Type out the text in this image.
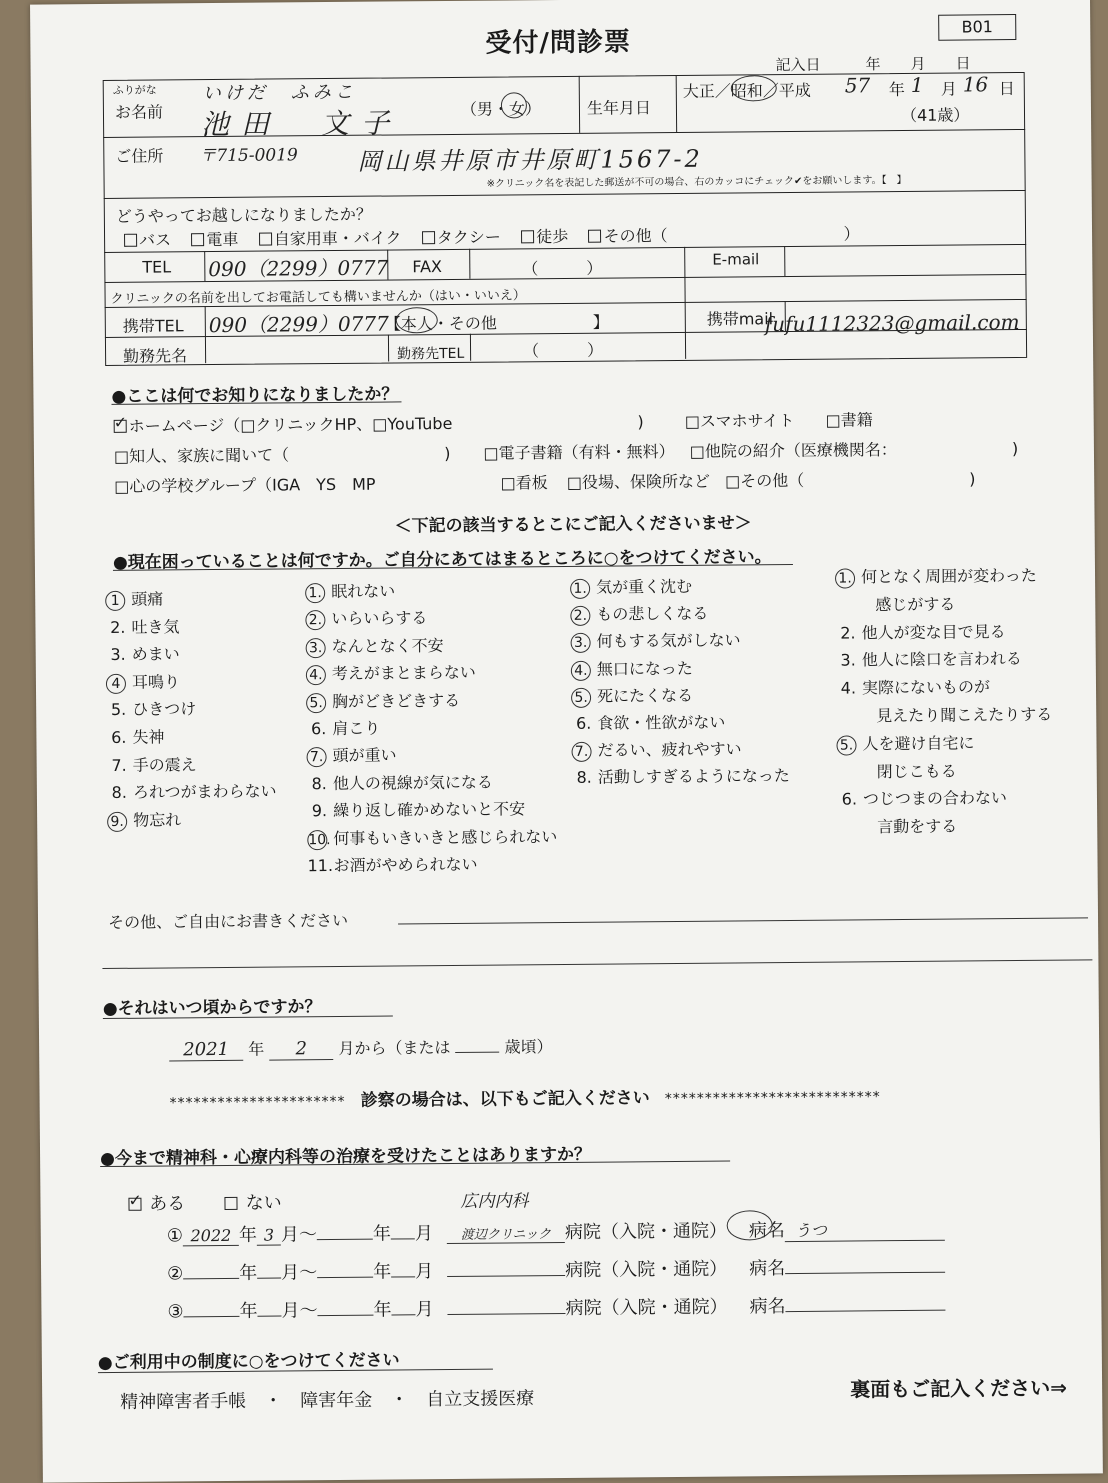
受付/問診票
B01
記入日　　　年　　月　　日
ふりがな	いけだ　ふみこ
お名前 池田　文子	（男・女）	生年月日
大正／昭和／平成 57 年 1 月 16 日
（41歳）
ご住所 〒715-0019 岡山県井原市井原町1567-2
※クリニック名を表記した郵送が不可の場合、右のカッコにチェック✔をお願いします。【　】
どうやってお越しになりましたか？
バス 電車 自家用車・バイク タクシー 徒歩 その他（　　　　　　　　　　　）
TEL 090（2299）0777 FAX	（　　　）	E-mail
クリニックの名前を出してお電話しても構いませんか（はい・いいえ）
携帯TEL 090（2299）0777
【本人・その他　　　　　　】	携帯mail
fufu1112323@gmail.com
勤務先名	勤務先TEL	（　　　）
●ここは何でお知りになりましたか？
✓ホームページ（□クリニックHP、□YouTube	)	□スマホサイト □書籍
□知人、家族に聞いて（	) □電子書籍（有料・無料） □他院の紹介（医療機関名：	)
□心の学校グループ（IGA　YS　MP	□看板 □役場、保険所など □その他（	)
＜下記の該当するとこにご記入くださいませ＞
●現在困っていることは何ですか。ご自分にあてはまるところに○をつけてください。
1 頭痛
2. 吐き気
3. めまい
4 耳鳴り
5. ひきつけ
6. 失神
7. 手の震え
8. ろれつがまわらない
9. 物忘れ
1. 眠れない
2. いらいらする
3. なんとなく不安
4. 考えがまとまらない
5. 胸がどきどきする
6. 肩こり
7. 頭が重い
8. 他人の視線が気になる
9. 繰り返し確かめないと不安
10. 何事もいきいきと感じられない
11.お酒がやめられない
1. 気が重く沈む
2. もの悲しくなる
3. 何もする気がしない
4. 無口になった
5. 死にたくなる
6. 食欲・性欲がない
7. だるい、疲れやすい
8. 活動しすぎるようになった
1. 何となく周囲が変わった
感じがする
2. 他人が変な目で見る
3. 他人に陰口を言われる
4. 実際にないものが
見えたり聞こえたりする
5. 人を避け自宅に
閉じこもる
6. つじつまの合わない
言動をする
その他、ご自由にお書きください
●それはいつ頃からですか？
2021 年 2 月から（または	歳頃）
********************** 診察の場合は、以下もご記入ください ***************************
●今まで精神科・心療内科等の治療を受けたことはありますか？
✓ ある	ない
●ご利用中の制度に○をつけてください
精神障害者手帳　・　障害年金　・　自立支援医療	裏面もご記入ください⇒
① 2022 年 3 月～	年 月 渡辺クリニック 病院（入院・通院） 病名 うつ
広内内科
②	年 月～	年 月	病院（入院・通院） 病名
③	年 月～	年 月	病院（入院・通院） 病名
